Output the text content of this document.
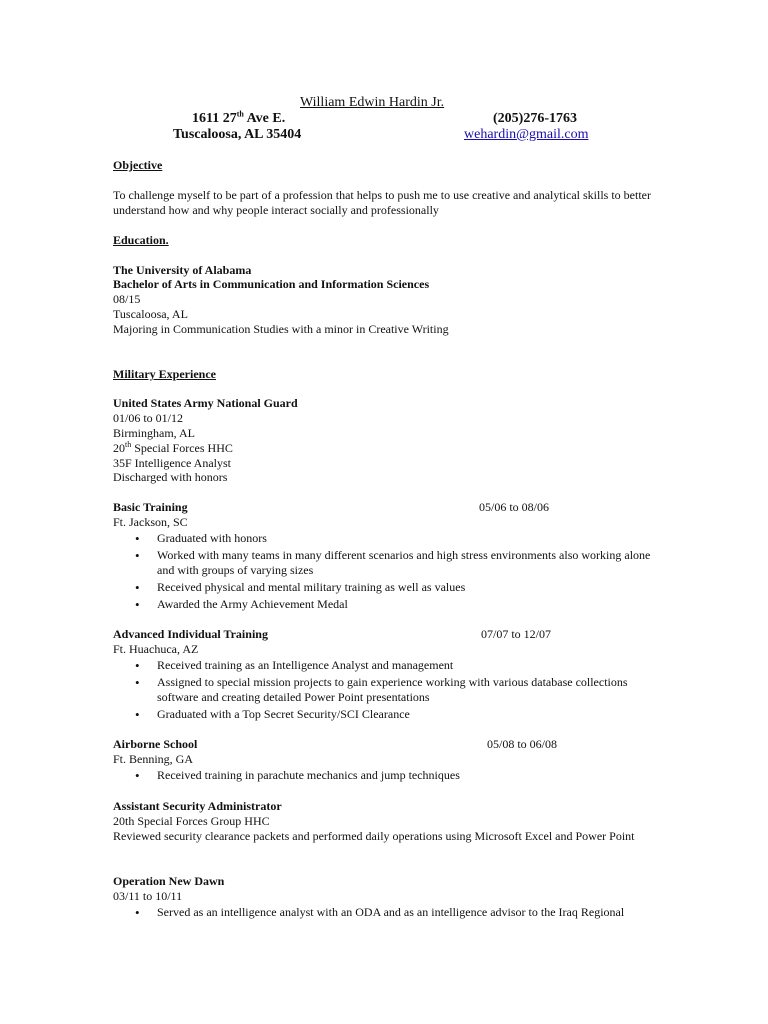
William Edwin Hardin Jr.
1611 27th Ave E.
Tuscaloosa, AL 35404
(205)276-1763
wehardin@gmail.com
Objective
To challenge myself to be part of a profession that helps to push me to use creative and analytical skills to better understand how and why people interact socially and professionally
Education.
The University of Alabama
Bachelor of Arts in Communication and Information Sciences
08/15
Tuscaloosa, AL
Majoring in Communication Studies with a minor in Creative Writing
Military Experience
United States Army National Guard
01/06 to 01/12
Birmingham, AL
20th Special Forces HHC
35F Intelligence Analyst
Discharged with honors
Basic Training	05/06 to 08/06
Ft. Jackson, SC
• Graduated with honors
• Worked with many teams in many different scenarios and high stress environments also working alone and with groups of varying sizes
• Received physical and mental military training as well as values
• Awarded the Army Achievement Medal
Advanced Individual Training	07/07 to 12/07
Ft. Huachuca, AZ
• Received training as an Intelligence Analyst and management
• Assigned to special mission projects to gain experience working with various database collections software and creating detailed Power Point presentations
• Graduated with a Top Secret Security/SCI Clearance
Airborne School	05/08 to 06/08
Ft. Benning, GA
• Received training in parachute mechanics and jump techniques
Assistant Security Administrator
20th Special Forces Group HHC
Reviewed security clearance packets and performed daily operations using Microsoft Excel and Power Point
Operation New Dawn
03/11 to 10/11
• Served as an intelligence analyst with an ODA and as an intelligence advisor to the Iraq Regional
